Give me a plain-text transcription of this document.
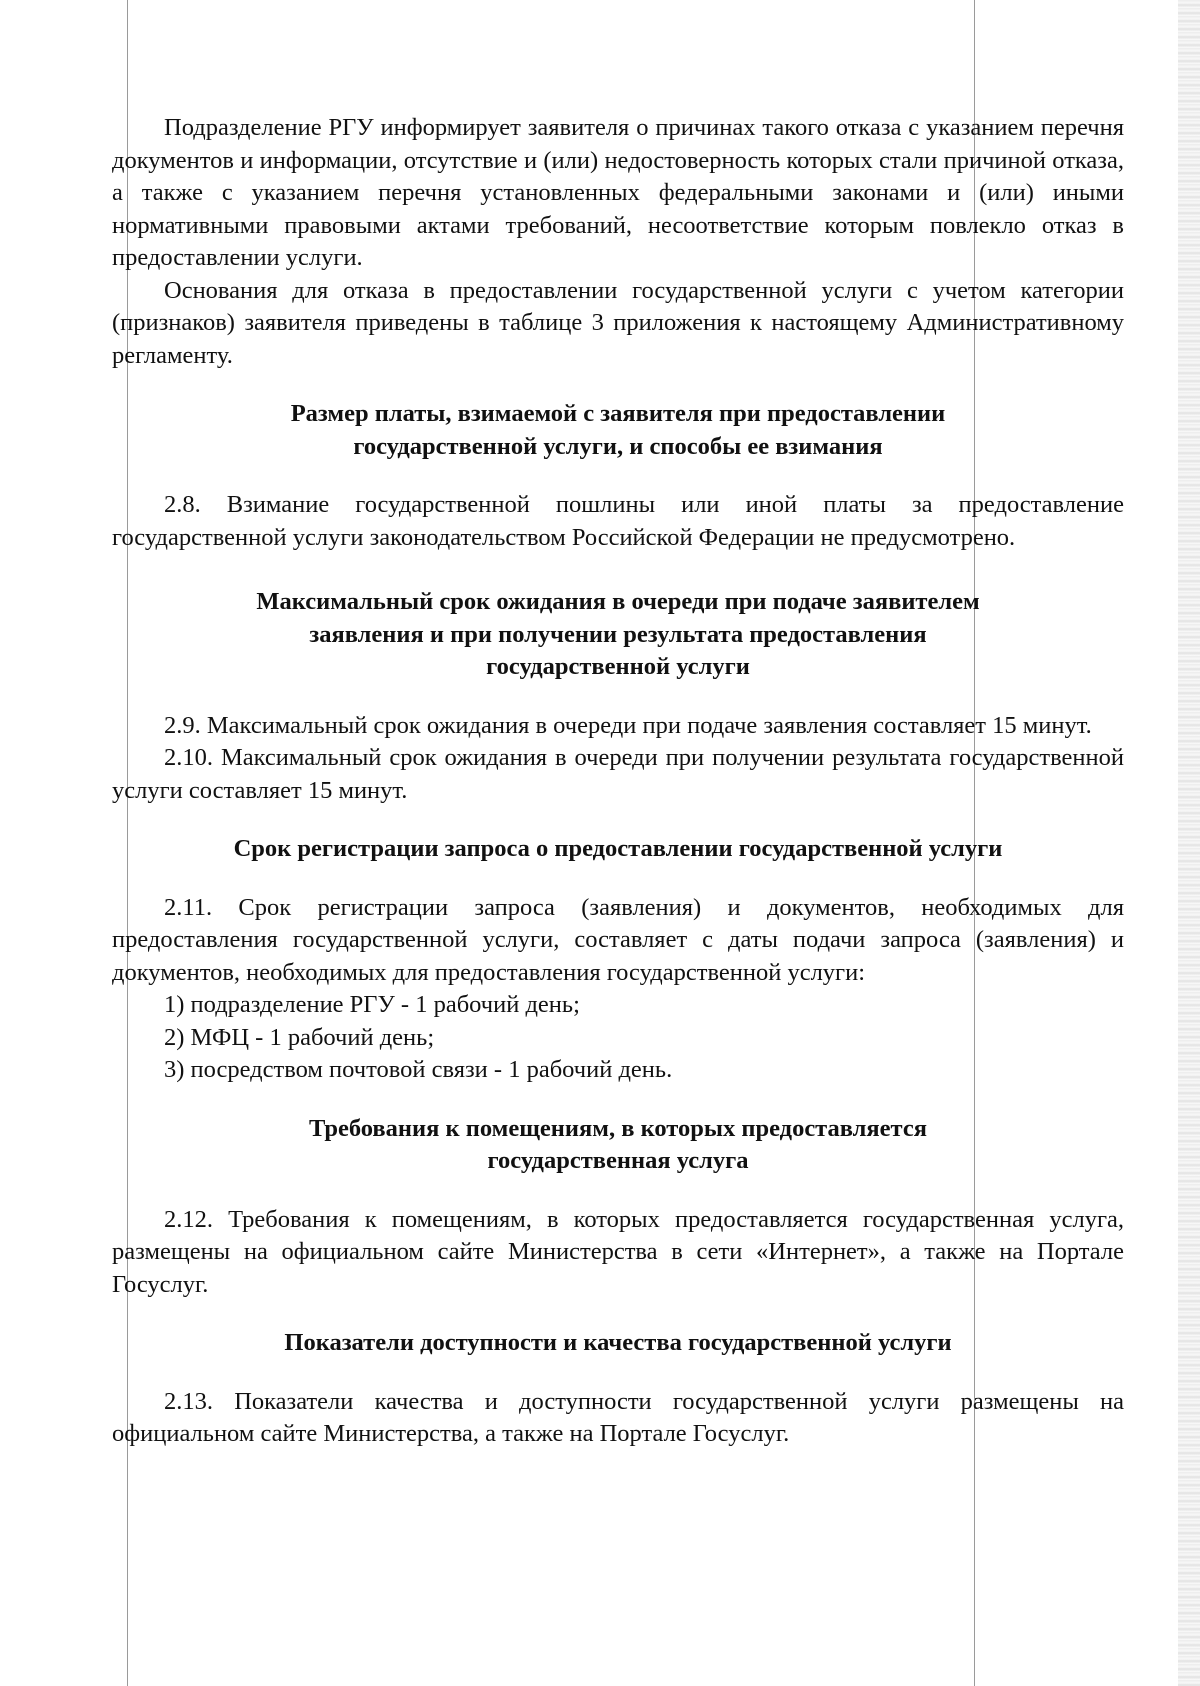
Подразделение РГУ информирует заявителя о причинах такого отказа с указанием перечня документов и информации, отсутствие и (или) недостоверность которых стали причиной отказа, а также с указанием перечня установленных федеральными законами и (или) иными нормативными правовыми актами требований, несоответствие которым повлекло отказ в предоставлении услуги.

Основания для отказа в предоставлении государственной услуги с учетом категории (признаков) заявителя приведены в таблице 3 приложения к настоящему Административному регламенту.

Размер платы, взимаемой с заявителя при предоставлении

государственной услуги, и способы ее взимания

2.8. Взимание государственной пошлины или иной платы за предоставление государственной услуги законодательством Российской Федерации не предусмотрено.

Максимальный срок ожидания в очереди при подаче заявителем

заявления и при получении результата предоставления

государственной услуги

2.9. Максимальный срок ожидания в очереди при подаче заявления составляет 15 минут.

2.10. Максимальный срок ожидания в очереди при получении результата государственной услуги составляет 15 минут.

Срок регистрации запроса о предоставлении государственной услуги

2.11. Срок регистрации запроса (заявления) и документов, необходимых для предоставления государственной услуги, составляет с даты подачи запроса (заявления) и документов, необходимых для предоставления государственной услуги:

1) подразделение РГУ - 1 рабочий день;
2) МФЦ - 1 рабочий день;
3) посредством почтовой связи - 1 рабочий день.

Требования к помещениям, в которых предоставляется

государственная услуга

2.12. Требования к помещениям, в которых предоставляется государственная услуга, размещены на официальном сайте Министерства в сети «Интернет», а также на Портале Госуслуг.

Показатели доступности и качества государственной услуги

2.13. Показатели качества и доступности государственной услуги размещены на официальном сайте Министерства, а также на Портале Госуслуг.
